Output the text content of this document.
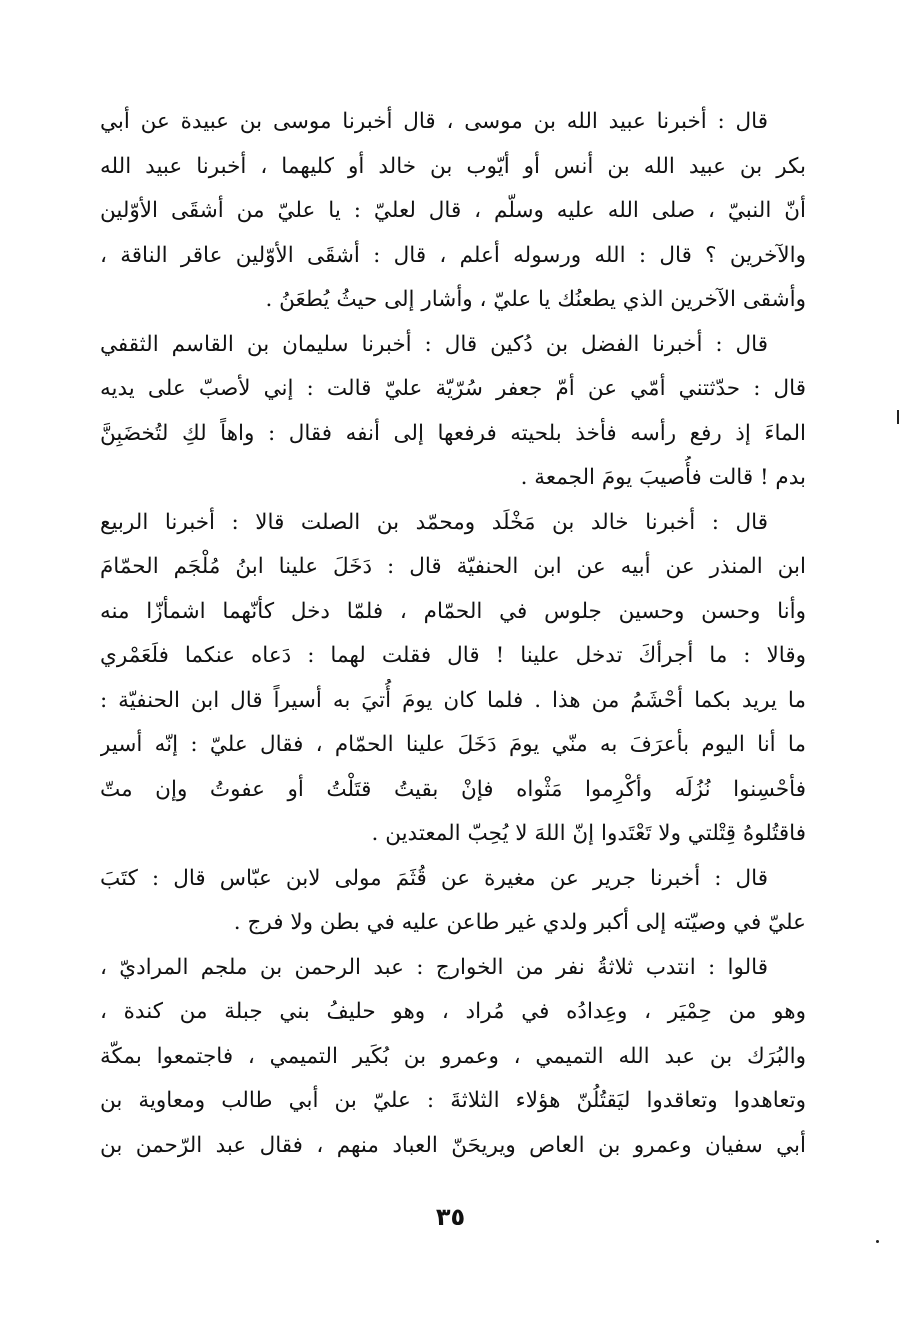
قال : أخبرنا عبيد الله بن موسى ، قال أخبرنا موسى بن عبيدة عن أبي
بكر بن عبيد الله بن أنس أو أيّوب بن خالد أو كليهما ، أخبرنا عبيد الله
أنّ النبيّ ، صلى الله عليه وسلّم ، قال لعليّ : يا عليّ من أشقَى الأوّلين
والآخرين ؟ قال : الله ورسوله أعلم ، قال : أشقَى الأوّلين عاقر الناقة ،
وأشقى الآخرين الذي يطعنُك يا عليّ ، وأشار إلى حيثُ يُطعَنُ .
قال : أخبرنا الفضل بن دُكين قال : أخبرنا سليمان بن القاسم الثقفي
قال : حدّثتني أمّي عن أمّ جعفر سُرّيّة عليّ قالت : إني لأصبّ على يديه
الماءَ إذ رفع رأسه فأخذ بلحيته فرفعها إلى أنفه فقال : واهاً لكِ لتُخضَبِنَّ
بدم ! قالت فأُصيبَ يومَ الجمعة .
قال : أخبرنا خالد بن مَخْلَد ومحمّد بن الصلت قالا : أخبرنا الربيع
ابن المنذر عن أبيه عن ابن الحنفيّة قال : دَخَلَ علينا ابنُ مُلْجَم الحمّامَ
وأنا وحسن وحسين جلوس في الحمّام ، فلمّا دخل كأنّهما اشمأزّا منه
وقالا : ما أجرأكَ تدخل علينا ! قال فقلت لهما : دَعاه عنكما فلَعَمْري
ما يريد بكما أحْشَمُ من هذا . فلما كان يومَ أُتيَ به أسيراً قال ابن الحنفيّة :
ما أنا اليوم بأعرَفَ به منّي يومَ دَخَلَ علينا الحمّام ، فقال عليّ : إنّه أسير
فأحْسِنوا نُزُلَه وأكْرِموا مَثْواه فإنْ بقيتُ قتَلْتُ أو عفوتُ وإن متّ
فاقتُلوهُ قِتْلتي ولا تَعْتَدوا إنّ اللهَ لا يُحِبّ المعتدين .
قال : أخبرنا جرير عن مغيرة عن قُثَمَ مولى لابن عبّاس قال : كتَبَ
عليّ في وصيّته إلى أكبر ولدي غير طاعن عليه في بطن ولا فرج .
قالوا : انتدب ثلاثةُ نفر من الخوارج : عبد الرحمن بن ملجم المراديّ ،
وهو من حِمْيَر ، وعِدادُه في مُراد ، وهو حليفُ بني جبلة من كندة ،
والبُرَك بن عبد الله التميمي ، وعمرو بن بُكَير التميمي ، فاجتمعوا بمكّة
وتعاهدوا وتعاقدوا ليَقتُلُنّ هؤلاء الثلاثةَ : عليّ بن أبي طالب ومعاوية بن
أبي سفيان وعمرو بن العاص ويريحَنّ العباد منهم ، فقال عبد الرّحمن بن
٣٥
